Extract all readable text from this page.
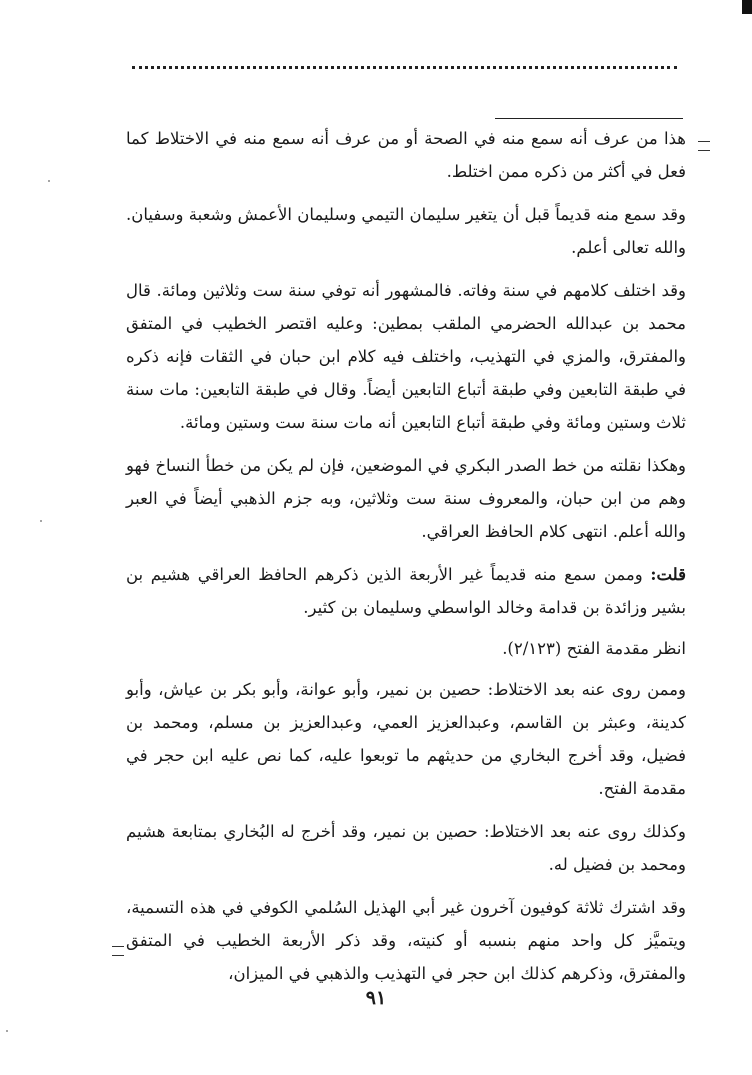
هذا من عرف أنه سمع منه في الصحة أو من عرف أنه سمع منه في الاختلاط كما فعل في أكثر من ذكره ممن اختلط.

وقد سمع منه قديماً قبل أن يتغير سليمان التيمي وسليمان الأعمش وشعبة وسفيان. والله تعالى أعلم.

وقد اختلف كلامهم في سنة وفاته. فالمشهور أنه توفي سنة ست وثلاثين ومائة. قال محمد بن عبدالله الحضرمي الملقب بمطين: وعليه اقتصر الخطيب في المتفق والمفترق، والمزي في التهذيب، واختلف فيه كلام ابن حبان في الثقات فإنه ذكره في طبقة التابعين وفي طبقة أتباع التابعين أيضاً. وقال في طبقة التابعين: مات سنة ثلاث وستين ومائة وفي طبقة أتباع التابعين أنه مات سنة ست وستين ومائة.

وهكذا نقلته من خط الصدر البكري في الموضعين، فإن لم يكن من خطأ النساخ فهو وهم من ابن حبان، والمعروف سنة ست وثلاثين، وبه جزم الذهبي أيضاً في العبر والله أعلم. انتهى كلام الحافظ العراقي.

قلت: وممن سمع منه قديماً غير الأربعة الذين ذكرهم الحافظ العراقي هشيم بن بشير وزائدة بن قدامة وخالد الواسطي وسليمان بن كثير.

انظر مقدمة الفتح (٢/١٢٣).

وممن روى عنه بعد الاختلاط: حصين بن نمير، وأبو عوانة، وأبو بكر بن عياش، وأبو كدينة، وعبثر بن القاسم، وعبدالعزيز العمي، وعبدالعزيز بن مسلم، ومحمد بن فضيل، وقد أخرج البخاري من حديثهم ما توبعوا عليه، كما نص عليه ابن حجر في مقدمة الفتح.

وكذلك روى عنه بعد الاختلاط: حصين بن نمير، وقد أخرج له البُخاري بمتابعة هشيم ومحمد بن فضيل له.

وقد اشترك ثلاثة كوفيون آخرون غير أبي الهذيل السُلمي الكوفي في هذه التسمية، ويتميَّز كل واحد منهم بنسبه أو كنيته، وقد ذكر الأربعة الخطيب في المتفق والمفترق، وذكرهم كذلك ابن حجر في التهذيب والذهبي في الميزان،

٩١
